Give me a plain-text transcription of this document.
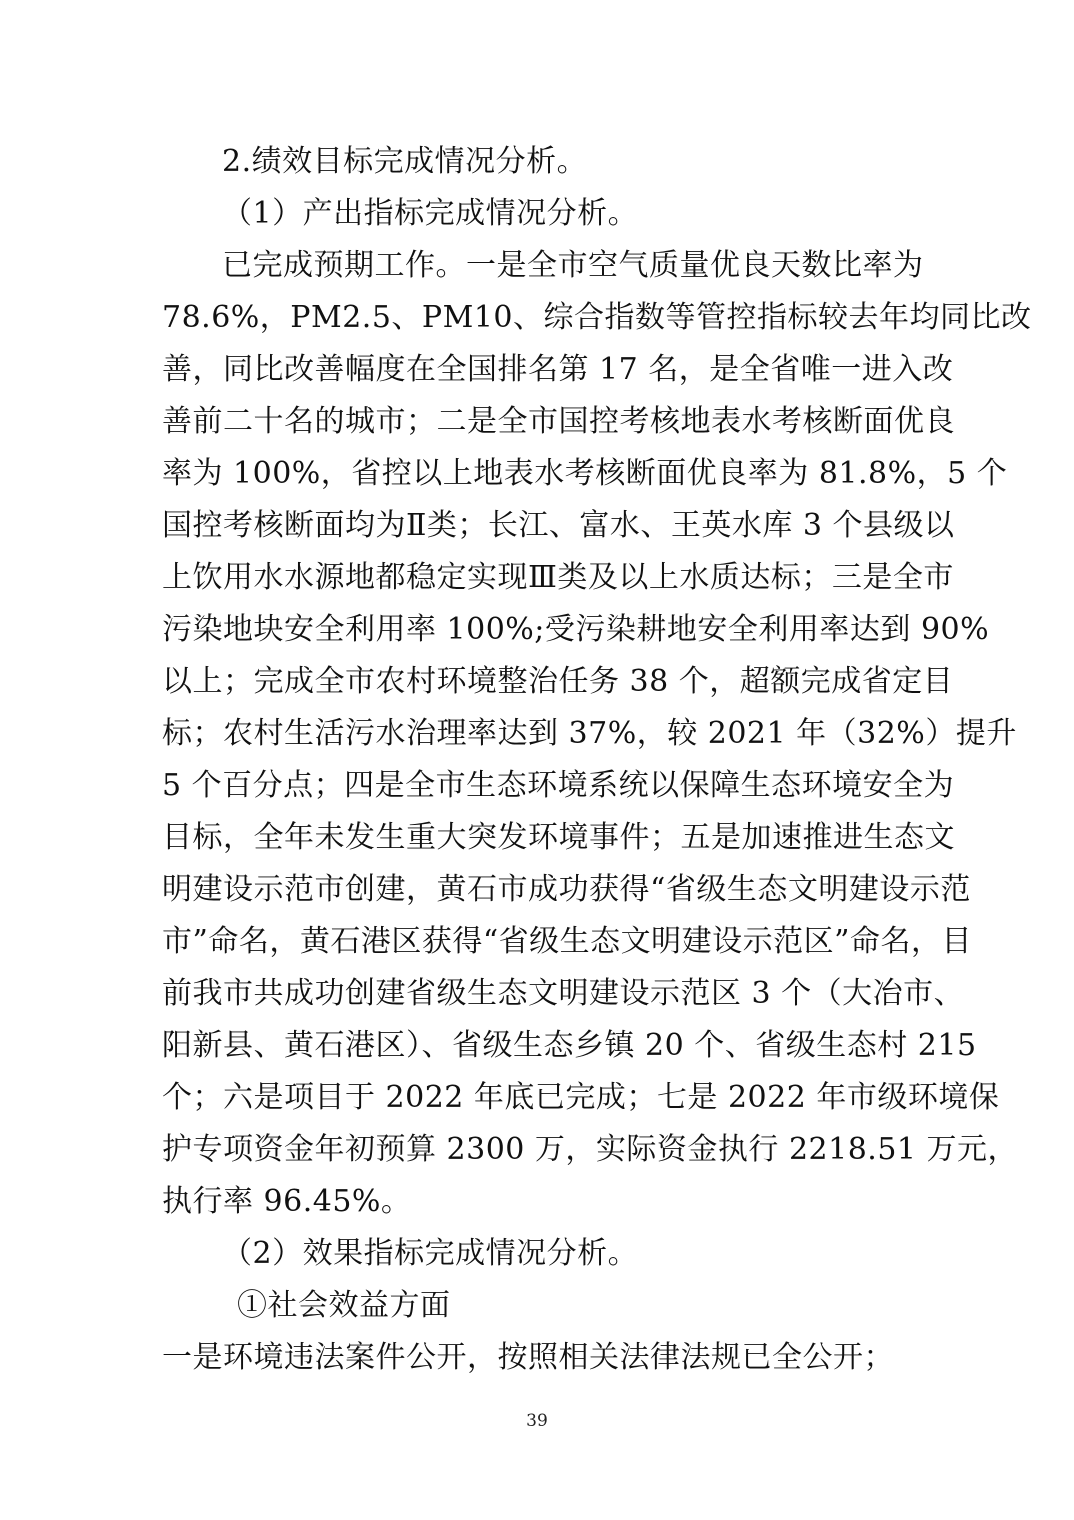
2.绩效目标完成情况分析。
（1）产出指标完成情况分析。
已完成预期工作。一是全市空气质量优良天数比率为
78.6%，PM2.5、PM10、综合指数等管控指标较去年均同比改
善，同比改善幅度在全国排名第 17 名，是全省唯一进入改
善前二十名的城市；二是全市国控考核地表水考核断面优良
率为 100%，省控以上地表水考核断面优良率为 81.8%，5 个
国控考核断面均为Ⅱ类；长江、富水、王英水库 3 个县级以
上饮用水水源地都稳定实现Ⅲ类及以上水质达标；三是全市
污染地块安全利用率 100%;受污染耕地安全利用率达到 90%
以上；完成全市农村环境整治任务 38 个，超额完成省定目
标；农村生活污水治理率达到 37%，较 2021 年（32%）提升
5 个百分点；四是全市生态环境系统以保障生态环境安全为
目标，全年未发生重大突发环境事件；五是加速推进生态文
明建设示范市创建，黄石市成功获得“省级生态文明建设示范
市”命名，黄石港区获得“省级生态文明建设示范区”命名，目
前我市共成功创建省级生态文明建设示范区 3 个（大冶市、
阳新县、黄石港区）、省级生态乡镇 20 个、省级生态村 215
个；六是项目于 2022 年底已完成；七是 2022 年市级环境保
护专项资金年初预算 2300 万，实际资金执行 2218.51 万元，
执行率 96.45%。
（2）效果指标完成情况分析。
①社会效益方面
一是环境违法案件公开，按照相关法律法规已全公开；
39
